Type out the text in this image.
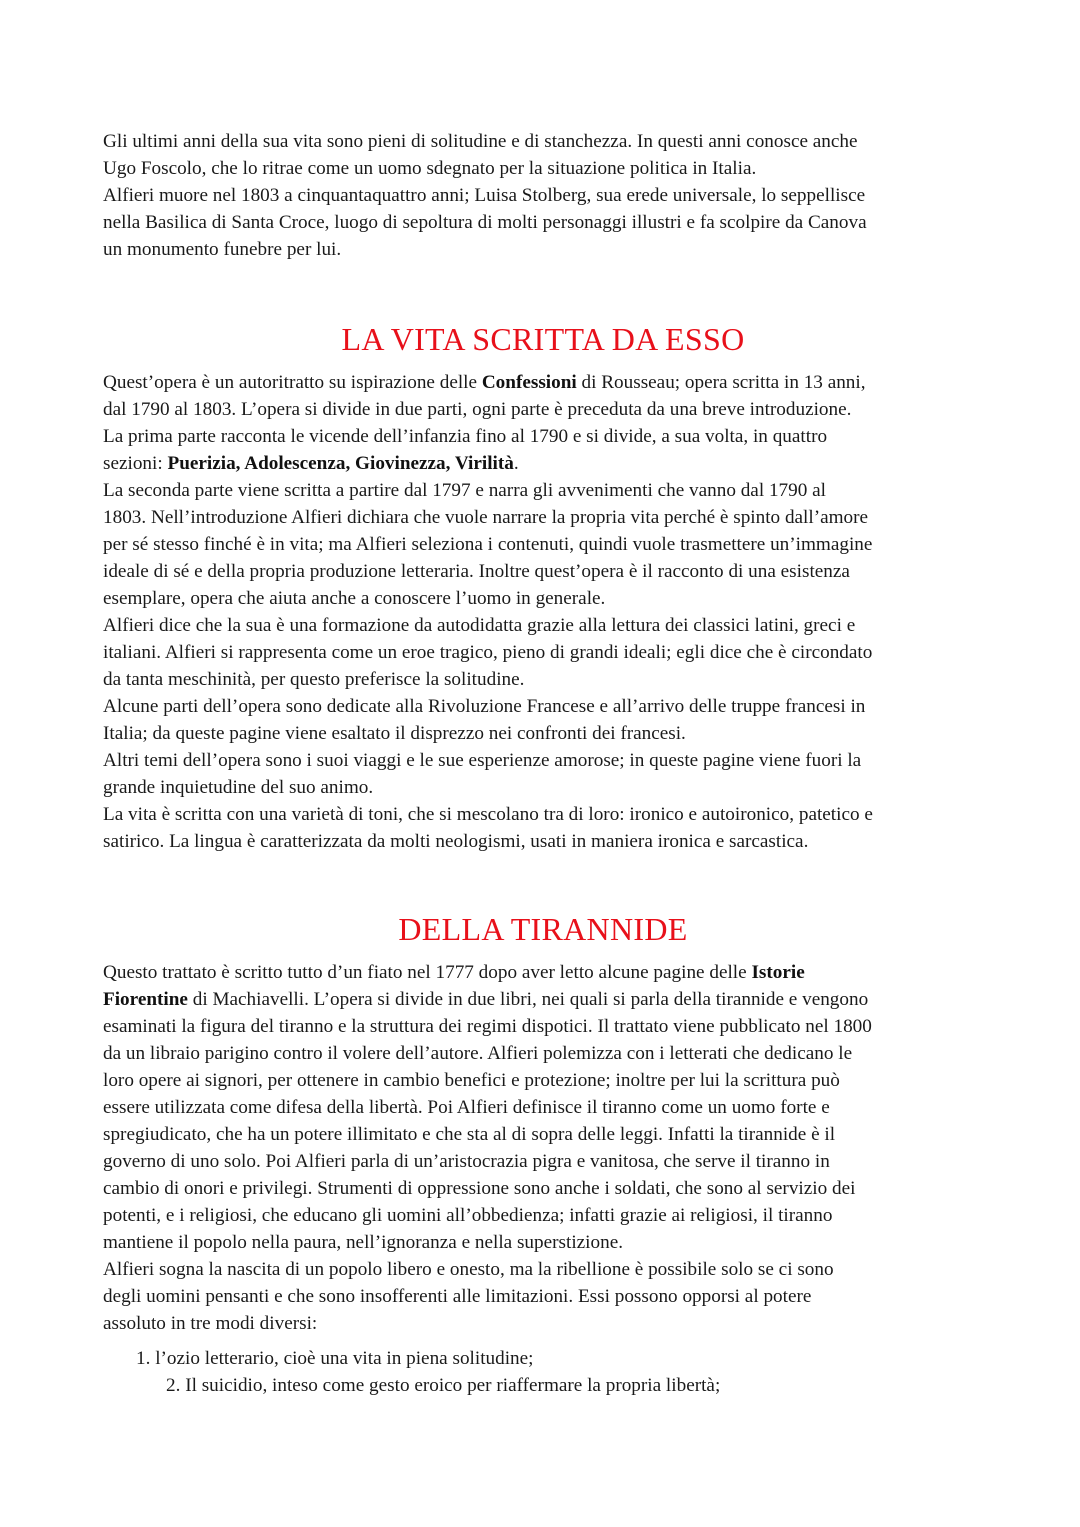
Gli ultimi anni della sua vita sono pieni di solitudine e di stanchezza. In questi anni conosce anche
Ugo Foscolo, che lo ritrae come un uomo sdegnato per la situazione politica in Italia.
Alfieri muore nel 1803 a cinquantaquattro anni; Luisa Stolberg, sua erede universale, lo seppellisce
nella Basilica di Santa Croce, luogo di sepoltura di molti personaggi illustri e fa scolpire da Canova
un monumento funebre per lui.
LA VITA SCRITTA DA ESSO
Quest’opera è un autoritratto su ispirazione delle Confessioni di Rousseau; opera scritta in 13 anni,
dal 1790 al 1803. L’opera si divide in due parti, ogni parte è preceduta da una breve introduzione.
La prima parte racconta le vicende dell’infanzia fino al 1790 e si divide, a sua volta, in quattro
sezioni: Puerizia, Adolescenza, Giovinezza, Virilità.
La seconda parte viene scritta a partire dal 1797 e narra gli avvenimenti che vanno dal 1790 al
1803. Nell’introduzione Alfieri dichiara che vuole narrare la propria vita perché è spinto dall’amore
per sé stesso finché è in vita; ma Alfieri seleziona i contenuti, quindi vuole trasmettere un’immagine
ideale di sé e della propria produzione letteraria. Inoltre quest’opera è il racconto di una esistenza
esemplare, opera che aiuta anche a conoscere l’uomo in generale.
Alfieri dice che la sua è una formazione da autodidatta grazie alla lettura dei classici latini, greci e
italiani. Alfieri si rappresenta come un eroe tragico, pieno di grandi ideali; egli dice che è circondato
da tanta meschinità, per questo preferisce la solitudine.
Alcune parti dell’opera sono dedicate alla Rivoluzione Francese e all’arrivo delle truppe francesi in
Italia; da queste pagine viene esaltato il disprezzo nei confronti dei francesi.
Altri temi dell’opera sono i suoi viaggi e le sue esperienze amorose; in queste pagine viene fuori la
grande inquietudine del suo animo.
La vita è scritta con una varietà di toni, che si mescolano tra di loro: ironico e autoironico, patetico e
satirico. La lingua è caratterizzata da molti neologismi, usati in maniera ironica e sarcastica.
DELLA TIRANNIDE
Questo trattato è scritto tutto d’un fiato nel 1777 dopo aver letto alcune pagine delle Istorie
Fiorentine di Machiavelli. L’opera si divide in due libri, nei quali si parla della tirannide e vengono
esaminati la figura del tiranno e la struttura dei regimi dispotici. Il trattato viene pubblicato nel 1800
da un libraio parigino contro il volere dell’autore. Alfieri polemizza con i letterati che dedicano le
loro opere ai signori, per ottenere in cambio benefici e protezione; inoltre per lui la scrittura può
essere utilizzata come difesa della libertà. Poi Alfieri definisce il tiranno come un uomo forte e
spregiudicato, che ha un potere illimitato e che sta al di sopra delle leggi. Infatti la tirannide è il
governo di uno solo. Poi Alfieri parla di un’aristocrazia pigra e vanitosa, che serve il tiranno in
cambio di onori e privilegi. Strumenti di oppressione sono anche i soldati, che sono al servizio dei
potenti, e i religiosi, che educano gli uomini all’obbedienza; infatti grazie ai religiosi, il tiranno
mantiene il popolo nella paura, nell’ignoranza e nella superstizione.
Alfieri sogna la nascita di un popolo libero e onesto, ma la ribellione è possibile solo se ci sono
degli uomini pensanti e che sono insofferenti alle limitazioni. Essi possono opporsi al potere
assoluto in tre modi diversi:
1. l’ozio letterario, cioè una vita in piena solitudine;
2. Il suicidio, inteso come gesto eroico per riaffermare la propria libertà;
